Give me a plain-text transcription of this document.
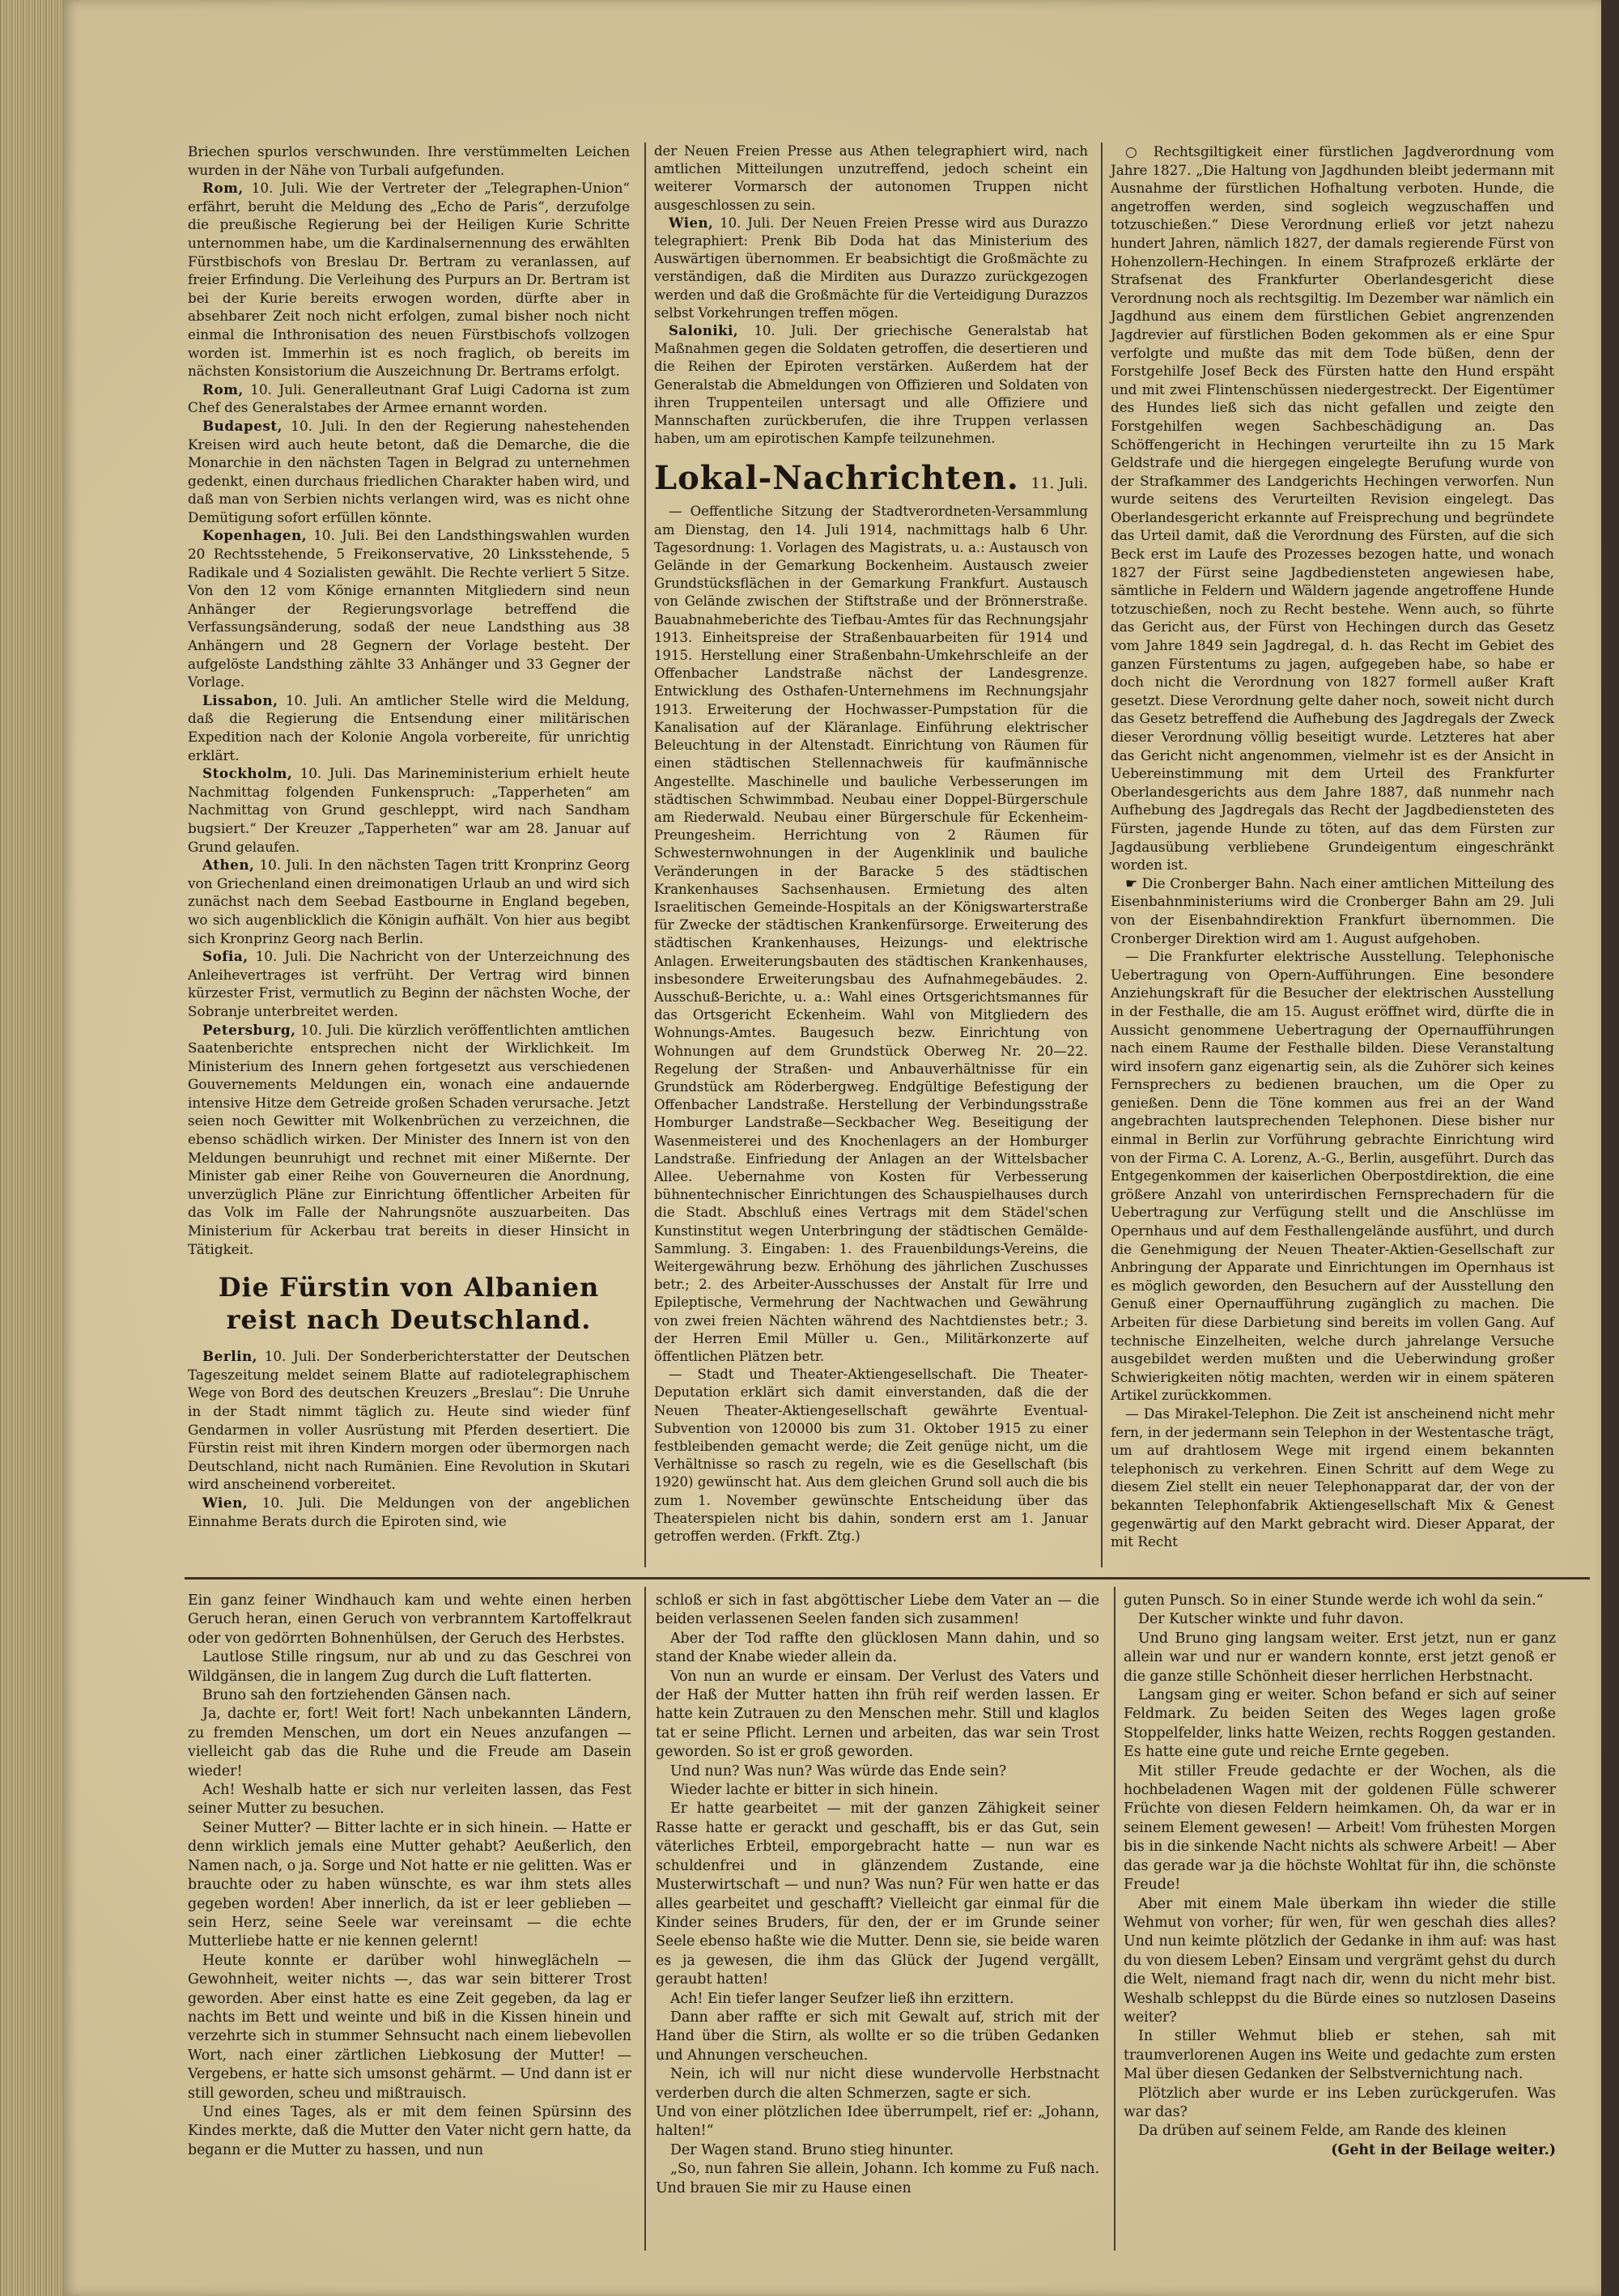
Briechen spurlos verschwunden. Ihre verstümmelten Leichen wurden in der Nähe von Turbali aufgefunden.

Rom, 10. Juli. Wie der Vertreter der „Telegraphen-Union“ erfährt, beruht die Meldung des „Echo de Paris“, derzufolge die preußische Regierung bei der Heiligen Kurie Schritte unternommen habe, um die Kardinalsernennung des erwählten Fürstbischofs von Breslau Dr. Bertram zu veranlassen, auf freier Erfindung. Die Verleihung des Purpurs an Dr. Bertram ist bei der Kurie bereits erwogen worden, dürfte aber in absehbarer Zeit noch nicht erfolgen, zumal bisher noch nicht einmal die Inthronisation des neuen Fürstbischofs vollzogen worden ist. Immerhin ist es noch fraglich, ob bereits im nächsten Konsistorium die Auszeichnung Dr. Bertrams erfolgt.

Rom, 10. Juli. Generalleutnant Graf Luigi Cadorna ist zum Chef des Generalstabes der Armee ernannt worden.

Budapest, 10. Juli. In den der Regierung nahestehenden Kreisen wird auch heute betont, daß die Demarche, die die Monarchie in den nächsten Tagen in Belgrad zu unternehmen gedenkt, einen durchaus friedlichen Charakter haben wird, und daß man von Serbien nichts verlangen wird, was es nicht ohne Demütigung sofort erfüllen könnte.

Kopenhagen, 10. Juli. Bei den Landsthingswahlen wurden 20 Rechtsstehende, 5 Freikonservative, 20 Linksstehende, 5 Radikale und 4 Sozialisten gewählt. Die Rechte verliert 5 Sitze. Von den 12 vom Könige ernannten Mitgliedern sind neun Anhänger der Regierungsvorlage betreffend die Verfassungsänderung, sodaß der neue Landsthing aus 38 Anhängern und 28 Gegnern der Vorlage besteht. Der aufgelöste Landsthing zählte 33 Anhänger und 33 Gegner der Vorlage.

Lissabon, 10. Juli. An amtlicher Stelle wird die Meldung, daß die Regierung die Entsendung einer militärischen Expedition nach der Kolonie Angola vorbereite, für unrichtig erklärt.

Stockholm, 10. Juli. Das Marineministerium erhielt heute Nachmittag folgenden Funkenspruch: „Tapperheten“ am Nachmittag von Grund geschleppt, wird nach Sandham bugsiert.“ Der Kreuzer „Tapperheten“ war am 28. Januar auf Grund gelaufen.

Athen, 10. Juli. In den nächsten Tagen tritt Kronprinz Georg von Griechenland einen dreimonatigen Urlaub an und wird sich zunächst nach dem Seebad Eastbourne in England begeben, wo sich augenblicklich die Königin aufhält. Von hier aus begibt sich Kronprinz Georg nach Berlin.

Sofia, 10. Juli. Die Nachricht von der Unterzeichnung des Anleihevertrages ist verfrüht. Der Vertrag wird binnen kürzester Frist, vermutlich zu Beginn der nächsten Woche, der Sobranje unterbreitet werden.

Petersburg, 10. Juli. Die kürzlich veröffentlichten amtlichen Saatenberichte entsprechen nicht der Wirklichkeit. Im Ministerium des Innern gehen fortgesetzt aus verschiedenen Gouvernements Meldungen ein, wonach eine andauernde intensive Hitze dem Getreide großen Schaden verursache. Jetzt seien noch Gewitter mit Wolkenbrüchen zu verzeichnen, die ebenso schädlich wirken. Der Minister des Innern ist von den Meldungen beunruhigt und rechnet mit einer Mißernte. Der Minister gab einer Reihe von Gouverneuren die Anordnung, unverzüglich Pläne zur Einrichtung öffentlicher Arbeiten für das Volk im Falle der Nahrungsnöte auszuarbeiten. Das Ministerium für Ackerbau trat bereits in dieser Hinsicht in Tätigkeit.

Die Fürstin von Albanien reist nach Deutschland.

Berlin, 10. Juli. Der Sonderberichterstatter der Deutschen Tageszeitung meldet seinem Blatte auf radiotelegraphischem Wege von Bord des deutschen Kreuzers „Breslau“: Die Unruhe in der Stadt nimmt täglich zu. Heute sind wieder fünf Gendarmen in voller Ausrüstung mit Pferden desertiert. Die Fürstin reist mit ihren Kindern morgen oder übermorgen nach Deutschland, nicht nach Rumänien. Eine Revolution in Skutari wird anscheinend vorbereitet.

Wien, 10. Juli. Die Meldungen von der angeblichen Einnahme Berats durch die Epiroten sind, wie

der Neuen Freien Presse aus Athen telegraphiert wird, nach amtlichen Mitteilungen unzutreffend, jedoch scheint ein weiterer Vormarsch der autonomen Truppen nicht ausgeschlossen zu sein.

Wien, 10. Juli. Der Neuen Freien Presse wird aus Durazzo telegraphiert: Prenk Bib Doda hat das Ministerium des Auswärtigen übernommen. Er beabsichtigt die Großmächte zu verständigen, daß die Mirditen aus Durazzo zurückgezogen werden und daß die Großmächte für die Verteidigung Durazzos selbst Vorkehrungen treffen mögen.

Saloniki, 10. Juli. Der griechische Generalstab hat Maßnahmen gegen die Soldaten getroffen, die desertieren und die Reihen der Epiroten verstärken. Außerdem hat der Generalstab die Abmeldungen von Offizieren und Soldaten von ihren Truppenteilen untersagt und alle Offiziere und Mannschaften zurückberufen, die ihre Truppen verlassen haben, um am epirotischen Kampfe teilzunehmen.

Lokal-Nachrichten. 11. Juli.

— Oeffentliche Sitzung der Stadtverordneten-Versammlung am Dienstag, den 14. Juli 1914, nachmittags halb 6 Uhr. Tagesordnung: 1. Vorlagen des Magistrats, u. a.: Austausch von Gelände in der Gemarkung Bockenheim. Austausch zweier Grundstücksflächen in der Gemarkung Frankfurt. Austausch von Gelände zwischen der Stiftstraße und der Brönnerstraße. Bauabnahmeberichte des Tiefbau-Amtes für das Rechnungsjahr 1913. Einheitspreise der Straßenbauarbeiten für 1914 und 1915. Herstellung einer Straßenbahn-Umkehrschleife an der Offenbacher Landstraße nächst der Landesgrenze. Entwicklung des Osthafen-Unternehmens im Rechnungsjahr 1913. Erweiterung der Hochwasser-Pumpstation für die Kanalisation auf der Kläranlage. Einführung elektrischer Beleuchtung in der Altenstadt. Einrichtung von Räumen für einen städtischen Stellennachweis für kaufmännische Angestellte. Maschinelle und bauliche Verbesserungen im städtischen Schwimmbad. Neubau einer Doppel-Bürgerschule am Riederwald. Neubau einer Bürgerschule für Eckenheim-Preungesheim. Herrichtung von 2 Räumen für Schwesternwohnungen in der Augenklinik und bauliche Veränderungen in der Baracke 5 des städtischen Krankenhauses Sachsenhausen. Ermietung des alten Israelitischen Gemeinde-Hospitals an der Königswarterstraße für Zwecke der städtischen Krankenfürsorge. Erweiterung des städtischen Krankenhauses, Heizungs- und elektrische Anlagen. Erweiterungsbauten des städtischen Krankenhauses, insbesondere Erweiterungsbau des Aufnahmegebäudes. 2. Ausschuß-Berichte, u. a.: Wahl eines Ortsgerichtsmannes für das Ortsgericht Eckenheim. Wahl von Mitgliedern des Wohnungs-Amtes. Baugesuch bezw. Einrichtung von Wohnungen auf dem Grundstück Oberweg Nr. 20—22. Regelung der Straßen- und Anbauverhältnisse für ein Grundstück am Röderbergweg. Endgültige Befestigung der Offenbacher Landstraße. Herstellung der Verbindungsstraße Homburger Landstraße—Seckbacher Weg. Beseitigung der Wasenmeisterei und des Knochenlagers an der Homburger Landstraße. Einfriedung der Anlagen an der Wittelsbacher Allee. Uebernahme von Kosten für Verbesserung bühnentechnischer Einrichtungen des Schauspielhauses durch die Stadt. Abschluß eines Vertrags mit dem Städel'schen Kunstinstitut wegen Unterbringung der städtischen Gemälde-Sammlung. 3. Eingaben: 1. des Frauenbildungs-Vereins, die Weitergewährung bezw. Erhöhung des jährlichen Zuschusses betr.; 2. des Arbeiter-Ausschusses der Anstalt für Irre und Epileptische, Vermehrung der Nachtwachen und Gewährung von zwei freien Nächten während des Nachtdienstes betr.; 3. der Herren Emil Müller u. Gen., Militärkonzerte auf öffentlichen Plätzen betr.

— Stadt und Theater-Aktiengesellschaft. Die Theater-Deputation erklärt sich damit einverstanden, daß die der Neuen Theater-Aktiengesellschaft gewährte Eventual-Subvention von 120000 bis zum 31. Oktober 1915 zu einer festbleibenden gemacht werde; die Zeit genüge nicht, um die Verhältnisse so rasch zu regeln, wie es die Gesellschaft (bis 1920) gewünscht hat. Aus dem gleichen Grund soll auch die bis zum 1. November gewünschte Entscheidung über das Theaterspielen nicht bis dahin, sondern erst am 1. Januar getroffen werden. (Frkft. Ztg.)

○ Rechtsgiltigkeit einer fürstlichen Jagdverordnung vom Jahre 1827. „Die Haltung von Jagdhunden bleibt jedermann mit Ausnahme der fürstlichen Hofhaltung verboten. Hunde, die angetroffen werden, sind sogleich wegzuschaffen und totzuschießen.“ Diese Verordnung erließ vor jetzt nahezu hundert Jahren, nämlich 1827, der damals regierende Fürst von Hohenzollern-Hechingen. In einem Strafprozeß erklärte der Strafsenat des Frankfurter Oberlandesgericht diese Verordnung noch als rechtsgiltig. Im Dezember war nämlich ein Jagdhund aus einem dem fürstlichen Gebiet angrenzenden Jagdrevier auf fürstlichen Boden gekommen als er eine Spur verfolgte und mußte das mit dem Tode büßen, denn der Forstgehilfe Josef Beck des Fürsten hatte den Hund erspäht und mit zwei Flintenschüssen niedergestreckt. Der Eigentümer des Hundes ließ sich das nicht gefallen und zeigte den Forstgehilfen wegen Sachbeschädigung an. Das Schöffengericht in Hechingen verurteilte ihn zu 15 Mark Geldstrafe und die hiergegen eingelegte Berufung wurde von der Strafkammer des Landgerichts Hechingen verworfen. Nun wurde seitens des Verurteilten Revision eingelegt. Das Oberlandesgericht erkannte auf Freisprechung und begründete das Urteil damit, daß die Verordnung des Fürsten, auf die sich Beck erst im Laufe des Prozesses bezogen hatte, und wonach 1827 der Fürst seine Jagdbediensteten angewiesen habe, sämtliche in Feldern und Wäldern jagende angetroffene Hunde totzuschießen, noch zu Recht bestehe. Wenn auch, so führte das Gericht aus, der Fürst von Hechingen durch das Gesetz vom Jahre 1849 sein Jagdregal, d. h. das Recht im Gebiet des ganzen Fürstentums zu jagen, aufgegeben habe, so habe er doch nicht die Verordnung von 1827 formell außer Kraft gesetzt. Diese Verordnung gelte daher noch, soweit nicht durch das Gesetz betreffend die Aufhebung des Jagdregals der Zweck dieser Verordnung völlig beseitigt wurde. Letzteres hat aber das Gericht nicht angenommen, vielmehr ist es der Ansicht in Uebereinstimmung mit dem Urteil des Frankfurter Oberlandesgerichts aus dem Jahre 1887, daß nunmehr nach Aufhebung des Jagdregals das Recht der Jagdbediensteten des Fürsten, jagende Hunde zu töten, auf das dem Fürsten zur Jagdausübung verbliebene Grundeigentum eingeschränkt worden ist.

☛ Die Cronberger Bahn. Nach einer amtlichen Mitteilung des Eisenbahnministeriums wird die Cronberger Bahn am 29. Juli von der Eisenbahndirektion Frankfurt übernommen. Die Cronberger Direktion wird am 1. August aufgehoben.

— Die Frankfurter elektrische Ausstellung. Telephonische Uebertragung von Opern-Aufführungen. Eine besondere Anziehungskraft für die Besucher der elektrischen Ausstellung in der Festhalle, die am 15. August eröffnet wird, dürfte die in Aussicht genommene Uebertragung der Opernaufführungen nach einem Raume der Festhalle bilden. Diese Veranstaltung wird insofern ganz eigenartig sein, als die Zuhörer sich keines Fernsprechers zu bedienen brauchen, um die Oper zu genießen. Denn die Töne kommen aus frei an der Wand angebrachten lautsprechenden Telephonen. Diese bisher nur einmal in Berlin zur Vorführung gebrachte Einrichtung wird von der Firma C. A. Lorenz, A.-G., Berlin, ausgeführt. Durch das Entgegenkommen der kaiserlichen Oberpostdirektion, die eine größere Anzahl von unterirdischen Fernsprechadern für die Uebertragung zur Verfügung stellt und die Anschlüsse im Opernhaus und auf dem Festhallengelände ausführt, und durch die Genehmigung der Neuen Theater-Aktien-Gesellschaft zur Anbringung der Apparate und Einrichtungen im Opernhaus ist es möglich geworden, den Besuchern auf der Ausstellung den Genuß einer Opernaufführung zugänglich zu machen. Die Arbeiten für diese Darbietung sind bereits im vollen Gang. Auf technische Einzelheiten, welche durch jahrelange Versuche ausgebildet werden mußten und die Ueberwindung großer Schwierigkeiten nötig machten, werden wir in einem späteren Artikel zurückkommen.

— Das Mirakel-Telephon. Die Zeit ist anscheinend nicht mehr fern, in der jedermann sein Telephon in der Westentasche trägt, um auf drahtlosem Wege mit irgend einem bekannten telephonisch zu verkehren. Einen Schritt auf dem Wege zu diesem Ziel stellt ein neuer Telephonapparat dar, der von der bekannten Telephonfabrik Aktiengesellschaft Mix & Genest gegenwärtig auf den Markt gebracht wird. Dieser Apparat, der mit Recht

Ein ganz feiner Windhauch kam und wehte einen herben Geruch heran, einen Geruch von verbranntem Kartoffelkraut oder von gedörrten Bohnenhülsen, der Geruch des Herbstes.

Lautlose Stille ringsum, nur ab und zu das Geschrei von Wildgänsen, die in langem Zug durch die Luft flatterten.

Bruno sah den fortziehenden Gänsen nach.

Ja, dachte er, fort! Weit fort! Nach unbekannten Ländern, zu fremden Menschen, um dort ein Neues anzufangen — vielleicht gab das die Ruhe und die Freude am Dasein wieder!

Ach! Weshalb hatte er sich nur verleiten lassen, das Fest seiner Mutter zu besuchen.

Seiner Mutter? — Bitter lachte er in sich hinein. — Hatte er denn wirklich jemals eine Mutter gehabt? Aeußerlich, den Namen nach, o ja. Sorge und Not hatte er nie gelitten. Was er brauchte oder zu haben wünschte, es war ihm stets alles gegeben worden! Aber innerlich, da ist er leer geblieben — sein Herz, seine Seele war vereinsamt — die echte Mutterliebe hatte er nie kennen gelernt!

Heute konnte er darüber wohl hinweglächeln — Gewohnheit, weiter nichts —, das war sein bitterer Trost geworden. Aber einst hatte es eine Zeit gegeben, da lag er nachts im Bett und weinte und biß in die Kissen hinein und verzehrte sich in stummer Sehnsucht nach einem liebevollen Wort, nach einer zärtlichen Liebkosung der Mutter! — Vergebens, er hatte sich umsonst gehärmt. — Und dann ist er still geworden, scheu und mißtrauisch.

Und eines Tages, als er mit dem feinen Spürsinn des Kindes merkte, daß die Mutter den Vater nicht gern hatte, da begann er die Mutter zu hassen, und nun

schloß er sich in fast abgöttischer Liebe dem Vater an — die beiden verlassenen Seelen fanden sich zusammen!

Aber der Tod raffte den glücklosen Mann dahin, und so stand der Knabe wieder allein da.

Von nun an wurde er einsam. Der Verlust des Vaters und der Haß der Mutter hatten ihn früh reif werden lassen. Er hatte kein Zutrauen zu den Menschen mehr. Still und klaglos tat er seine Pflicht. Lernen und arbeiten, das war sein Trost geworden. So ist er groß geworden.

Und nun? Was nun? Was würde das Ende sein?

Wieder lachte er bitter in sich hinein.

Er hatte gearbeitet — mit der ganzen Zähigkeit seiner Rasse hatte er gerackt und geschafft, bis er das Gut, sein väterliches Erbteil, emporgebracht hatte — nun war es schuldenfrei und in glänzendem Zustande, eine Musterwirtschaft — und nun? Was nun? Für wen hatte er das alles gearbeitet und geschafft? Vielleicht gar einmal für die Kinder seines Bruders, für den, der er im Grunde seiner Seele ebenso haßte wie die Mutter. Denn sie, sie beide waren es ja gewesen, die ihm das Glück der Jugend vergällt, geraubt hatten!

Ach! Ein tiefer langer Seufzer ließ ihn erzittern.

Dann aber raffte er sich mit Gewalt auf, strich mit der Hand über die Stirn, als wollte er so die trüben Gedanken und Ahnungen verscheuchen.

Nein, ich will nur nicht diese wundervolle Herbstnacht verderben durch die alten Schmerzen, sagte er sich.

Und von einer plötzlichen Idee überrumpelt, rief er: „Johann, halten!“

Der Wagen stand. Bruno stieg hinunter.

„So, nun fahren Sie allein, Johann. Ich komme zu Fuß nach. Und brauen Sie mir zu Hause einen

guten Punsch. So in einer Stunde werde ich wohl da sein.“

Der Kutscher winkte und fuhr davon.

Und Bruno ging langsam weiter. Erst jetzt, nun er ganz allein war und nur er wandern konnte, erst jetzt genoß er die ganze stille Schönheit dieser herrlichen Herbstnacht.

Langsam ging er weiter. Schon befand er sich auf seiner Feldmark. Zu beiden Seiten des Weges lagen große Stoppelfelder, links hatte Weizen, rechts Roggen gestanden. Es hatte eine gute und reiche Ernte gegeben.

Mit stiller Freude gedachte er der Wochen, als die hochbeladenen Wagen mit der goldenen Fülle schwerer Früchte von diesen Feldern heimkamen. Oh, da war er in seinem Element gewesen! — Arbeit! Vom frühesten Morgen bis in die sinkende Nacht nichts als schwere Arbeit! — Aber das gerade war ja die höchste Wohltat für ihn, die schönste Freude!

Aber mit einem Male überkam ihn wieder die stille Wehmut von vorher; für wen, für wen geschah dies alles? Und nun keimte plötzlich der Gedanke in ihm auf: was hast du von diesem Leben? Einsam und vergrämt gehst du durch die Welt, niemand fragt nach dir, wenn du nicht mehr bist. Weshalb schleppst du die Bürde eines so nutzlosen Daseins weiter?

In stiller Wehmut blieb er stehen, sah mit traumverlorenen Augen ins Weite und gedachte zum ersten Mal über diesen Gedanken der Selbstvernichtung nach.

Plötzlich aber wurde er ins Leben zurückgerufen. Was war das?

Da drüben auf seinem Felde, am Rande des kleinen

(Geht in der Beilage weiter.)
